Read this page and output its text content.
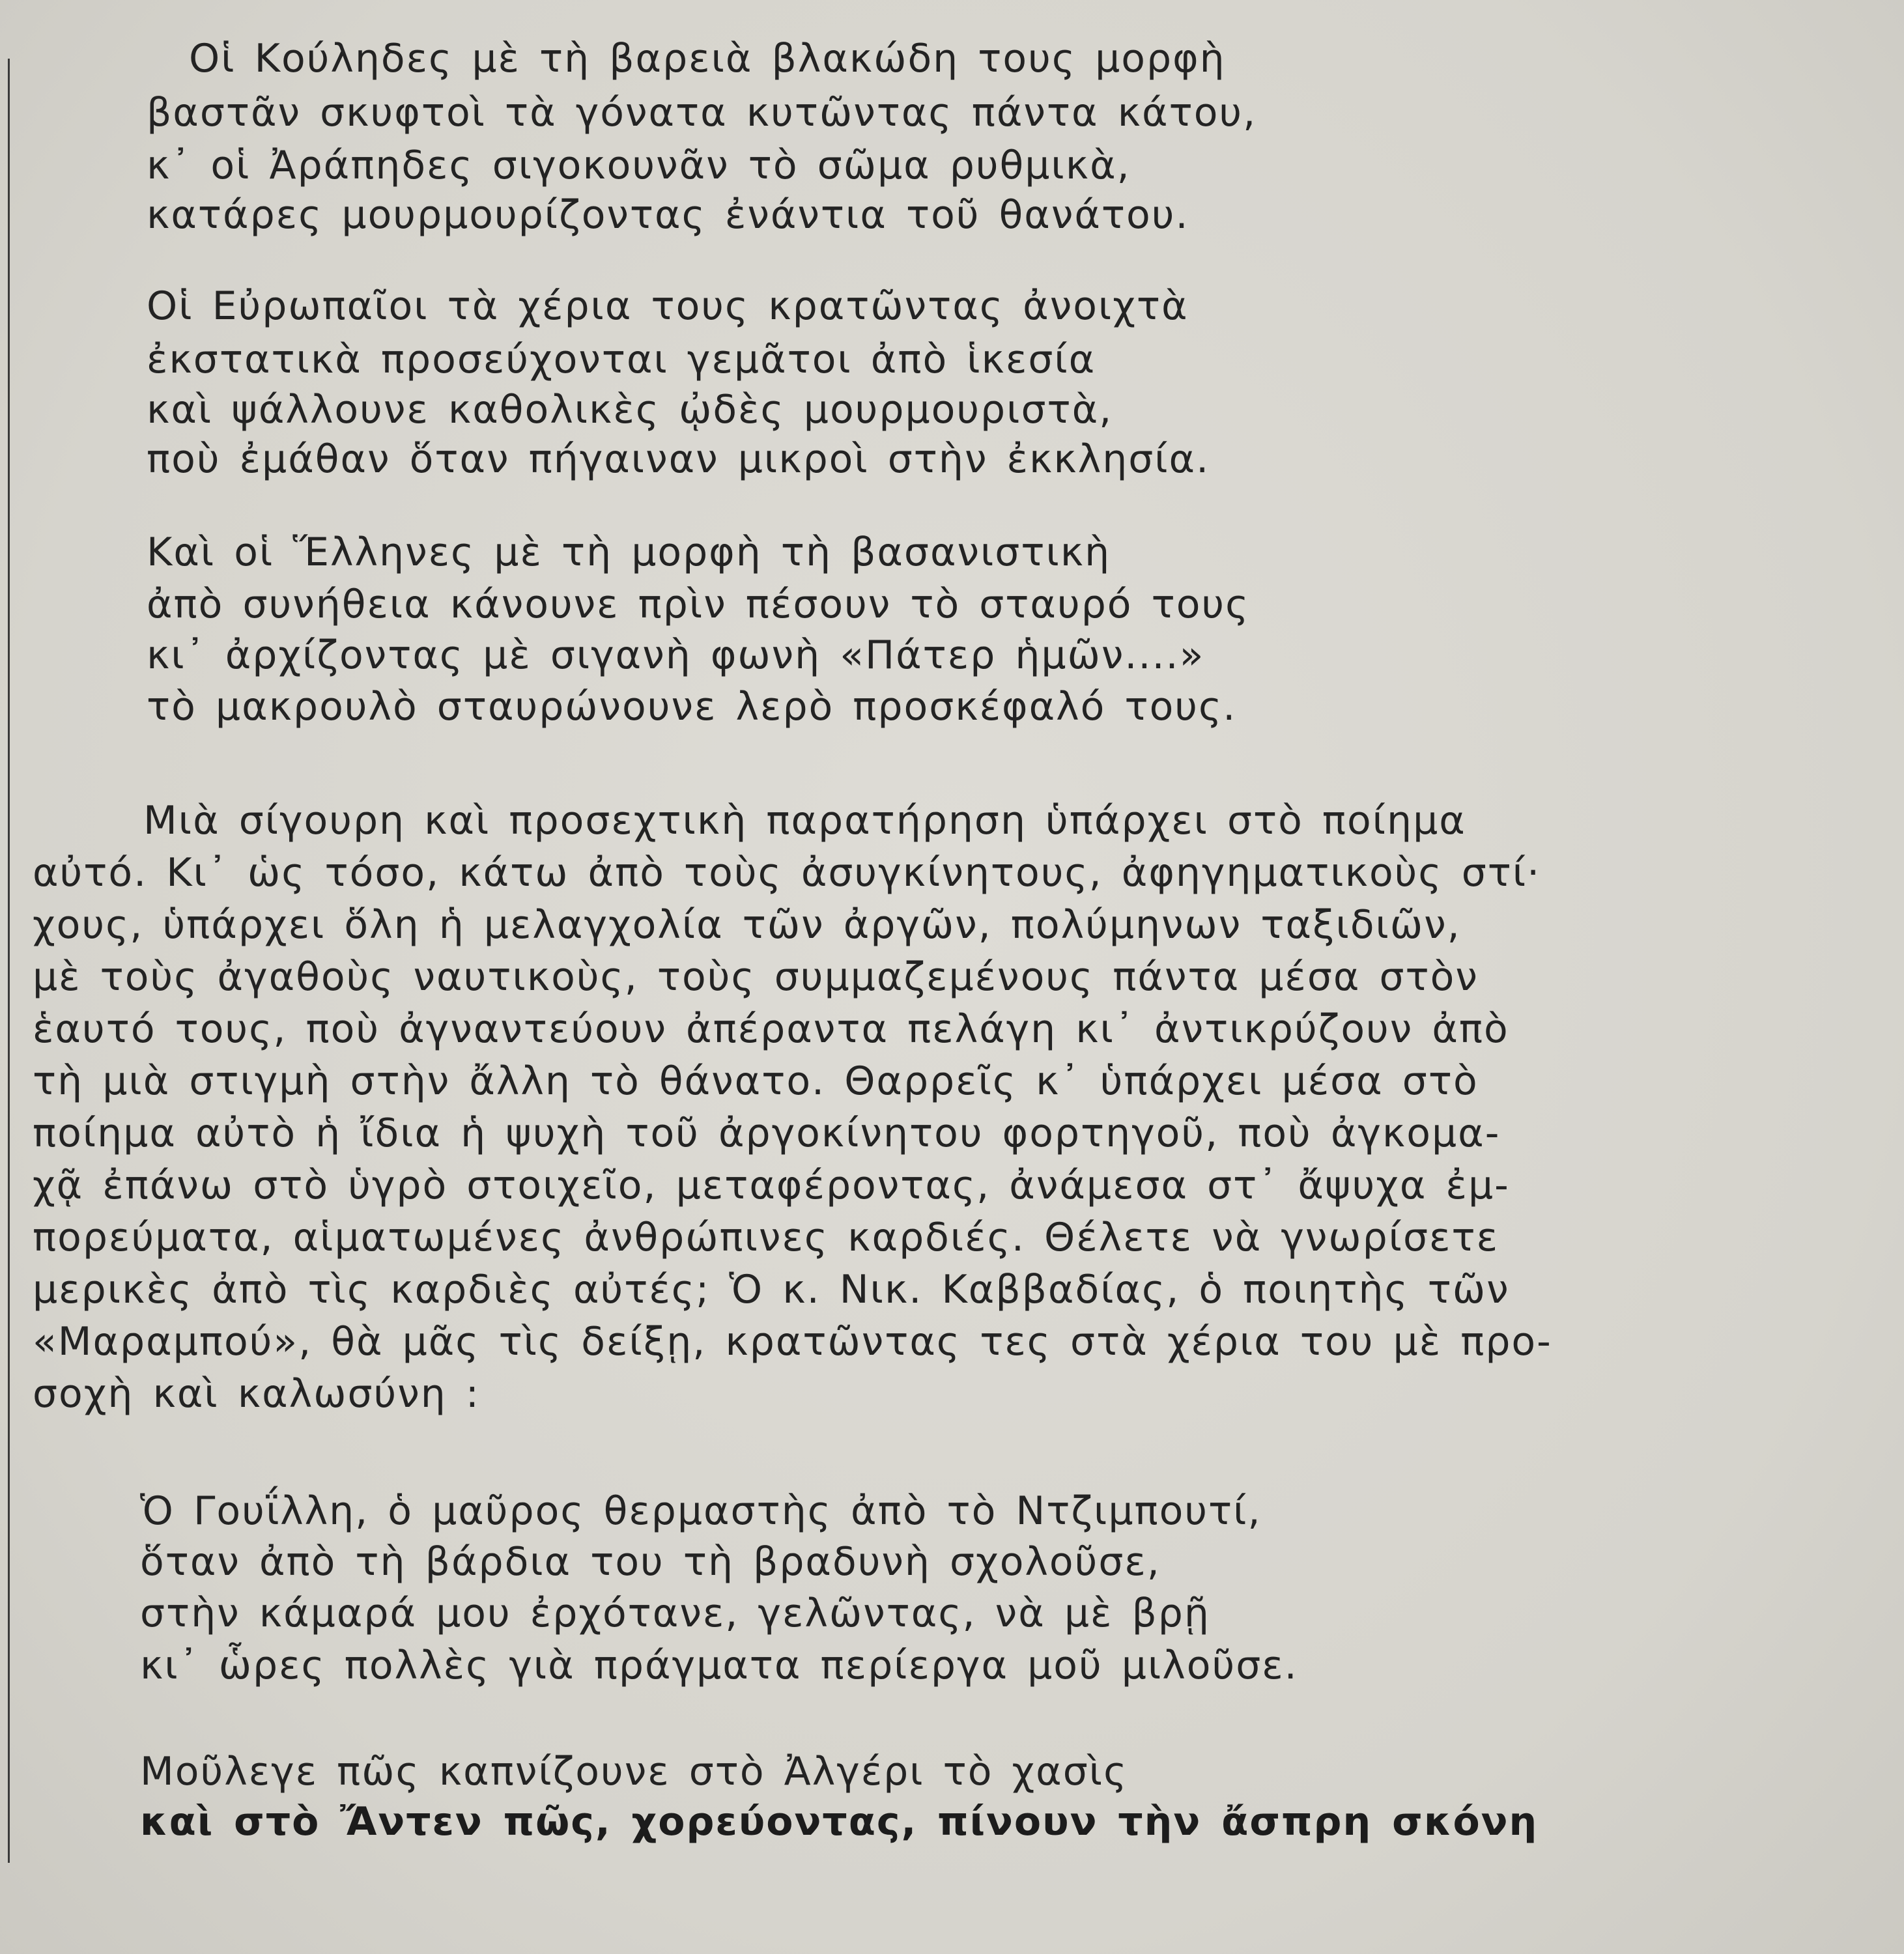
Οἱ Κούληδες μὲ τὴ βαρειὰ βλακώδη τους μορφὴ

βαστᾶν σκυφτοὶ τὰ γόνατα κυτῶντας πάντα κάτου,

κ᾽ οἱ Ἀράπηδες σιγοκουνᾶν τὸ σῶμα ρυθμικὰ,

κατάρες μουρμουρίζοντας ἐνάντια τοῦ θανάτου.

Οἱ Εὐρωπαῖοι τὰ χέρια τους κρατῶντας ἀνοιχτὰ

ἐκστατικὰ προσεύχονται γεμᾶτοι ἀπὸ ἱκεσία

καὶ ψάλλουνε καθολικὲς ᾠδὲς μουρμουριστὰ,

ποὺ ἐμάθαν ὅταν πήγαιναν μικροὶ στὴν ἐκκλησία.

Καὶ οἱ Ἕλληνες μὲ τὴ μορφὴ τὴ βασανιστικὴ

ἀπὸ συνήθεια κάνουνε πρὶν πέσουν τὸ σταυρό τους

κι᾽ ἀρχίζοντας μὲ σιγανὴ φωνὴ «Πάτερ ἡμῶν....»

τὸ μακρουλὸ σταυρώνουνε λερὸ προσκέφαλό τους.

Μιὰ σίγουρη καὶ προσεχτικὴ παρατήρηση ὑπάρχει στὸ ποίημα

αὐτό. Κι᾽ ὡς τόσο, κάτω ἀπὸ τοὺς ἀσυγκίνητους, ἀφηγηματικοὺς στί·

χους, ὑπάρχει ὅλη ἡ μελαγχολία τῶν ἀργῶν, πολύμηνων ταξιδιῶν,

μὲ τοὺς ἀγαθοὺς ναυτικοὺς, τοὺς συμμαζεμένους πάντα μέσα στὸν

ἑαυτό τους, ποὺ ἀγναντεύουν ἀπέραντα πελάγη κι᾽ ἀντικρύζουν ἀπὸ

τὴ μιὰ στιγμὴ στὴν ἄλλη τὸ θάνατο. Θαρρεῖς κ᾽ ὑπάρχει μέσα στὸ

ποίημα αὐτὸ ἡ ἴδια ἡ ψυχὴ τοῦ ἀργοκίνητου φορτηγοῦ, ποὺ ἀγκομα-

χᾷ ἐπάνω στὸ ὑγρὸ στοιχεῖο, μεταφέροντας, ἀνάμεσα στ᾽ ἄψυχα ἐμ-

πορεύματα, αἱματωμένες ἀνθρώπινες καρδιές. Θέλετε νὰ γνωρίσετε

μερικὲς ἀπὸ τὶς καρδιὲς αὐτές; Ὁ κ. Νικ. Καββαδίας, ὁ ποιητὴς τῶν

«Μαραμπού», θὰ μᾶς τὶς δείξῃ, κρατῶντας τες στὰ χέρια του μὲ προ-

σοχὴ καὶ καλωσύνη :

Ὁ Γουΐλλη, ὁ μαῦρος θερμαστὴς ἀπὸ τὸ Ντζιμπουτί,

ὅταν ἀπὸ τὴ βάρδια του τὴ βραδυνὴ σχολοῦσε,

στὴν κάμαρά μου ἐρχότανε, γελῶντας, νὰ μὲ βρῇ

κι᾽ ὧρες πολλὲς γιὰ πράγματα περίεργα μοῦ μιλοῦσε.

Μοῦλεγε πῶς καπνίζουνε στὸ Ἀλγέρι τὸ χασὶς

καὶ στὸ Ἄντεν πῶς, χορεύοντας, πίνουν τὴν ἄσπρη σκόνη
